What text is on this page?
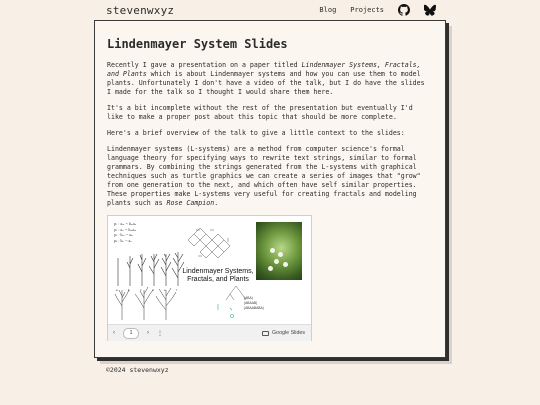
stevenwxyz	Blog Projects
Lindenmayer System Slides

Recently I gave a presentation on a paper titled Lindenmayer Systems, Fractals, and Plants which is about Lindenmayer systems and how you can use them to model plants. Unfortunately I don't have a video of the talk, but I do have the slides I made for the talk so I thought I would share them here.

It's a bit incomplete without the rest of the presentation but eventually I'd like to make a proper post about this topic that should be more complete.

Here's a brief overview of the talk to give a little context to the slides:

Lindenmayer systems (L-systems) are a method from computer science's formal language theory for specifying ways to rewrite text strings, similar to formal grammars. By combining the strings generated from the L-systems with graphical techniques such as turtle graphics we can create a series of images that "grow" from one generation to the next, and which often have self similar properties. These properties make L-systems very useful for creating fractals and modeling plants such as Rose Campion.

p₁ : aₘ → bₘaₙ
p₂ : aₙ → bₘaₘ
p₃ : bₘ → aₘ
p₄ : bₙ → aₙ
a	b	c	d	e	f
Lindenmayer Systems,
Fractals, and Plants
(ABA)
(ABAAB)
(ABAABABA)
‹	1	›	⋮	Google Slides
©2024 stevenwxyz
